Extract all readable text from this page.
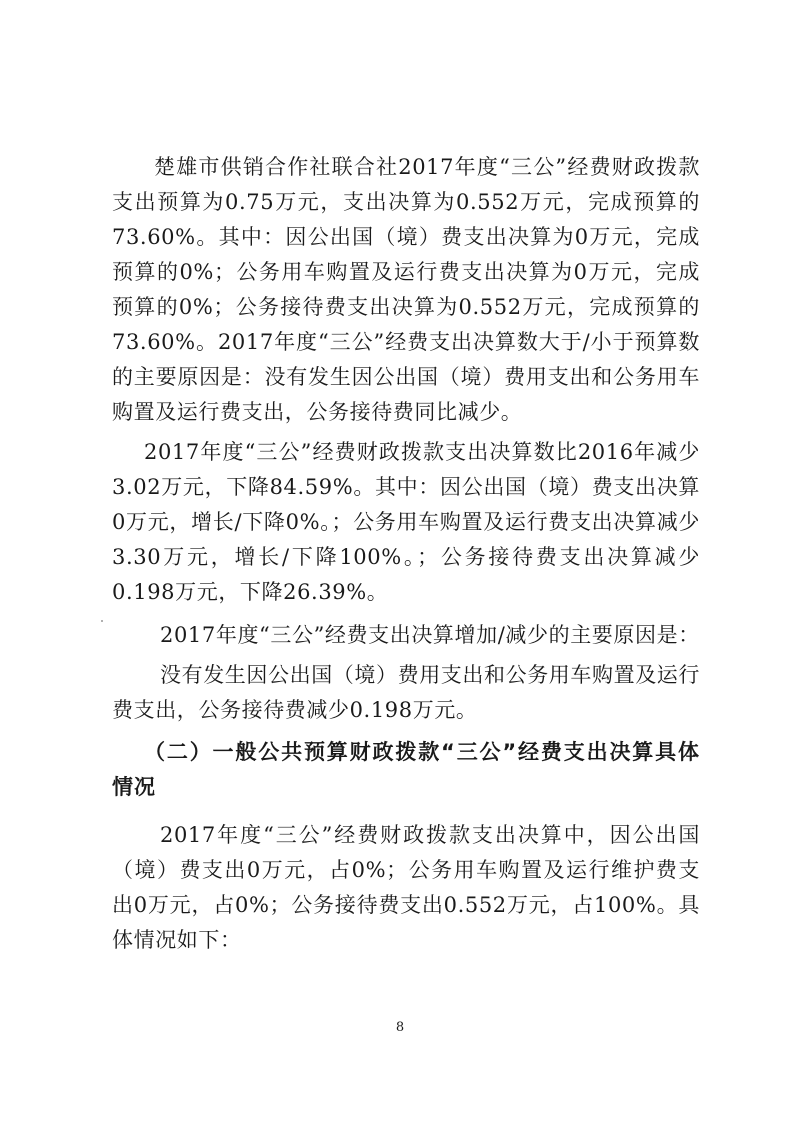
楚雄市供销合作社联合社2017年度“三公”经费财政拨款支出预算为0.75万元，支出决算为0.552万元，完成预算的73.60%。其中：因公出国（境）费支出决算为0万元，完成预算的0%；公务用车购置及运行费支出决算为0万元，完成预算的0%；公务接待费支出决算为0.552万元，完成预算的73.60%。2017年度“三公”经费支出决算数大于/小于预算数的主要原因是：没有发生因公出国（境）费用支出和公务用车购置及运行费支出，公务接待费同比减少。

2017年度“三公”经费财政拨款支出决算数比2016年减少3.02万元，下降84.59%。其中：因公出国（境）费支出决算0万元，增长/下降0%。；公务用车购置及运行费支出决算减少3.30万元，增长/下降100%。；公务接待费支出决算减少0.198万元，下降26.39%。

2017年度“三公”经费支出决算增加/减少的主要原因是：

没有发生因公出国（境）费用支出和公务用车购置及运行费支出，公务接待费减少0.198万元。

（二）一般公共预算财政拨款“三公”经费支出决算具体情况

2017年度“三公”经费财政拨款支出决算中，因公出国（境）费支出0万元，占0%；公务用车购置及运行维护费支出0万元，占0%；公务接待费支出0.552万元，占100%。具体情况如下：

8
